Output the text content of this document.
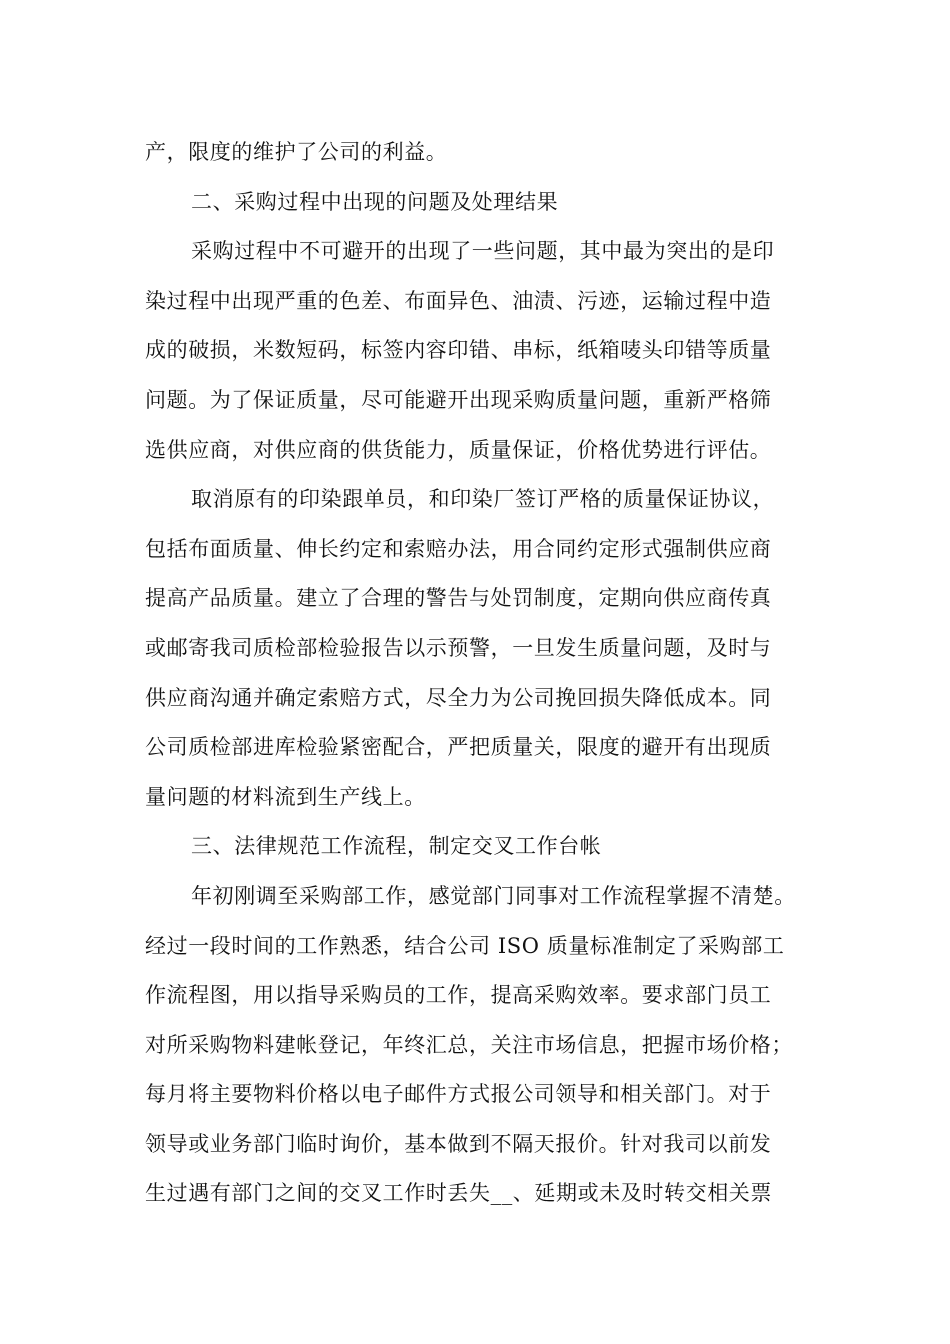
产，限度的维护了公司的利益。
二、采购过程中出现的问题及处理结果
采购过程中不可避开的出现了一些问题，其中最为突出的是印
染过程中出现严重的色差、布面异色、油渍、污迹，运输过程中造
成的破损，米数短码，标签内容印错、串标，纸箱唛头印错等质量
问题。为了保证质量，尽可能避开出现采购质量问题，重新严格筛
选供应商，对供应商的供货能力，质量保证，价格优势进行评估。
取消原有的印染跟单员，和印染厂签订严格的质量保证协议，
包括布面质量、伸长约定和索赔办法，用合同约定形式强制供应商
提高产品质量。建立了合理的警告与处罚制度，定期向供应商传真
或邮寄我司质检部检验报告以示预警，一旦发生质量问题，及时与
供应商沟通并确定索赔方式，尽全力为公司挽回损失降低成本。同
公司质检部进库检验紧密配合，严把质量关，限度的避开有出现质
量问题的材料流到生产线上。
三、法律规范工作流程，制定交叉工作台帐
年初刚调至采购部工作，感觉部门同事对工作流程掌握不清楚。
经过一段时间的工作熟悉，结合公司 ISO 质量标准制定了采购部工
作流程图，用以指导采购员的工作，提高采购效率。要求部门员工
对所采购物料建帐登记，年终汇总，关注市场信息，把握市场价格；
每月将主要物料价格以电子邮件方式报公司领导和相关部门。对于
领导或业务部门临时询价，基本做到不隔天报价。针对我司以前发
生过遇有部门之间的交叉工作时丢失__、延期或未及时转交相关票
